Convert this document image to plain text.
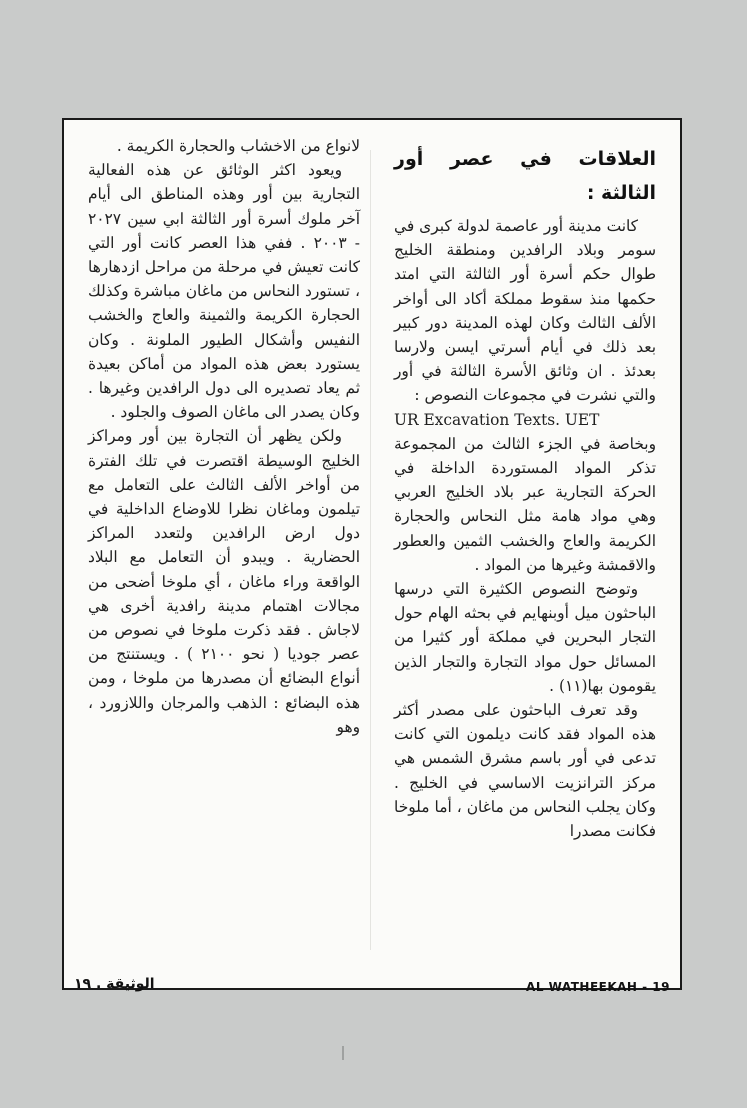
العلاقات في عصر أور الثالثة :

كانت مدينة أور عاصمة لدولة كبرى في سومر وبلاد الرافدين ومنطقة الخليج طوال حكم أسرة أور الثالثة التي امتد حكمها منذ سقوط مملكة أكاد الى أواخر الألف الثالث وكان لهذه المدينة دور كبير بعد ذلك في أيام أسرتي ايسن ولارسا بعدئذ . ان وثائق الأسرة الثالثة في أور والتي نشرت في مجموعات النصوص :

UR Excavation Texts. UET

وبخاصة في الجزء الثالث من المجموعة تذكر المواد المستوردة الداخلة في الحركة التجارية عبر بلاد الخليج العربي وهي مواد هامة مثل النحاس والحجارة الكريمة والعاج والخشب الثمين والعطور والاقمشة وغيرها من المواد .

وتوضح النصوص الكثيرة التي درسها الباحثون ميل أوبنهايم في بحثه الهام حول التجار البحرين في مملكة أور كثيرا من المسائل حول مواد التجارة والتجار الذين يقومون بها(١١) .

وقد تعرف الباحثون على مصدر أكثر هذه المواد فقد كانت ديلمون التي كانت تدعى في أور باسم مشرق الشمس هي مركز الترانزيت الاساسي في الخليج . وكان يجلب النحاس من ماغان ، أما ملوخا فكانت مصدرا

لانواع من الاخشاب والحجارة الكريمة .

ويعود اكثر الوثائق عن هذه الفعالية التجارية بين أور وهذه المناطق الى أيام آخر ملوك أسرة أور الثالثة ابي سين ٢٠٢٧ - ٢٠٠٣ . ففي هذا العصر كانت أور التي كانت تعيش في مرحلة من مراحل ازدهارها ، تستورد النحاس من ماغان مباشرة وكذلك الحجارة الكريمة والثمينة والعاج والخشب النفيس وأشكال الطيور الملونة . وكان يستورد بعض هذه المواد من أماكن بعيدة ثم يعاد تصديره الى دول الرافدين وغيرها . وكان يصدر الى ماغان الصوف والجلود .

ولكن يظهر أن التجارة بين أور ومراكز الخليج الوسيطة اقتصرت في تلك الفترة من أواخر الألف الثالث على التعامل مع تيلمون وماغان نظرا للاوضاع الداخلية في دول ارض الرافدين ولتعدد المراكز الحضارية . ويبدو أن التعامل مع البلاد الواقعة وراء ماغان ، أي ملوخا أضحى من مجالات اهتمام مدينة رافدية أخرى هي لاجاش . فقد ذكرت ملوخا في نصوص من عصر جوديا ( نحو ٢١٠٠ ) . ويستنتج من أنواع البضائع أن مصدرها من ملوخا ، ومن هذه البضائع : الذهب والمرجان واللازورد ، وهو

الوثيقة . ١٩	AL WATHEEKAH - 19
